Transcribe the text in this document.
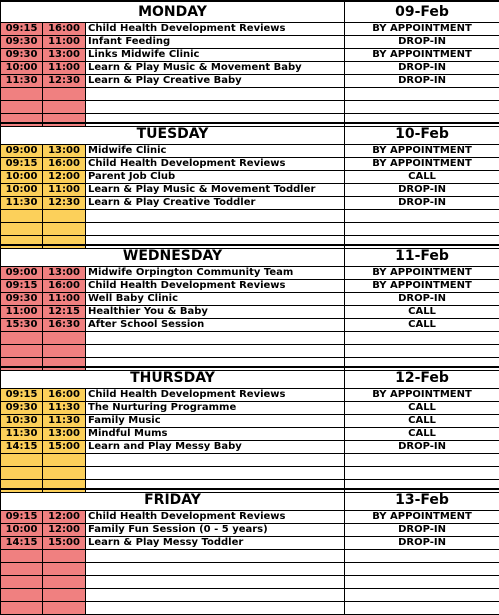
MONDAY			09-Feb
09:15	16:00	Child Health Development Reviews	BY APPOINTMENT
09:30	11:00	Infant Feeding	DROP-IN
09:30	13:00	Links Midwife Clinic	BY APPOINTMENT
10:00	11:00	Learn & Play Music & Movement Baby	DROP-IN
11:30	12:30	Learn & Play Creative Baby	DROP-IN

TUESDAY			10-Feb
09:00	13:00	Midwife Clinic	BY APPOINTMENT
09:15	16:00	Child Health Development Reviews	BY APPOINTMENT
10:00	12:00	Parent Job Club	CALL
10:00	11:00	Learn & Play Music & Movement Toddler	DROP-IN
11:30	12:30	Learn & Play Creative Toddler	DROP-IN

WEDNESDAY			11-Feb
09:00	13:00	Midwife Orpington Community Team	BY APPOINTMENT
09:15	16:00	Child Health Development Reviews	BY APPOINTMENT
09:30	11:00	Well Baby Clinic	DROP-IN
11:00	12:15	Healthier You & Baby	CALL
15:30	16:30	After School Session	CALL

THURSDAY			12-Feb
09:15	16:00	Child Health Development Reviews	BY APPOINTMENT
09:30	11:30	The Nurturing Programme	CALL
10:30	11:30	Family Music	CALL
11:30	13:00	Mindful Mums	CALL
14:15	15:00	Learn and Play Messy Baby	DROP-IN

FRIDAY			13-Feb
09:15	12:00	Child Health Development Reviews	BY APPOINTMENT
10:00	12:00	Family Fun Session (0 - 5 years)	DROP-IN
14:15	15:00	Learn & Play Messy Toddler	DROP-IN
